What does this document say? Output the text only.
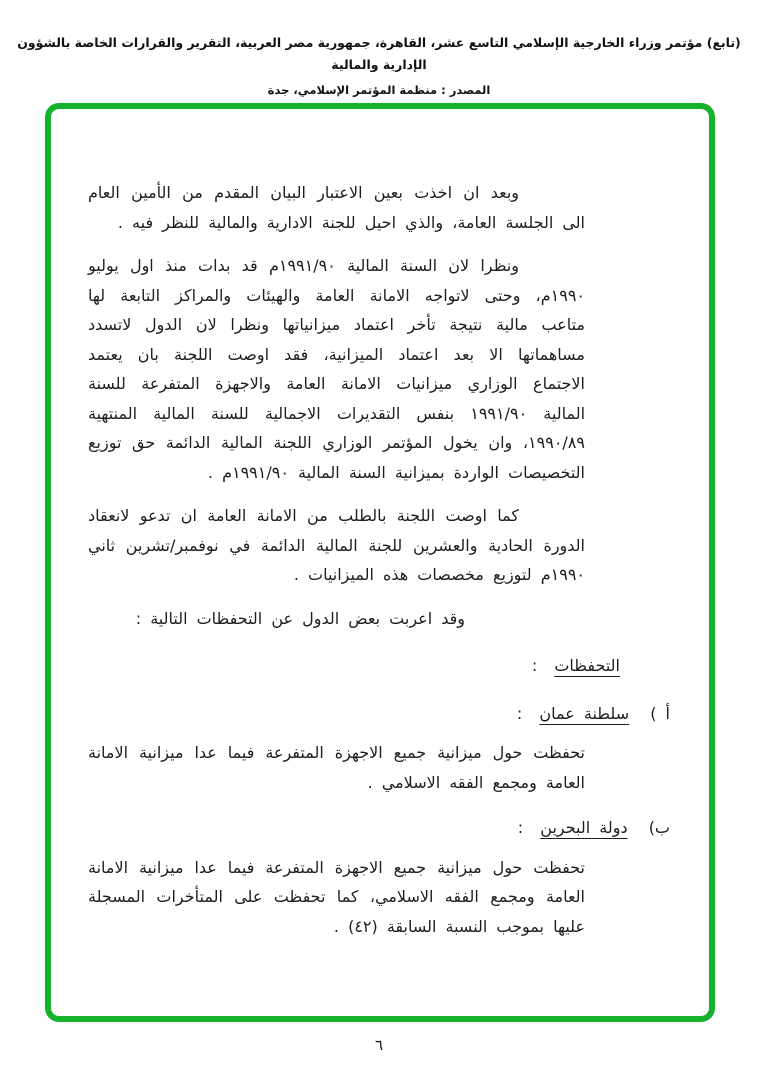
(تابع) مؤتمر وزراء الخارجية الإسلامي التاسع عشر، القاهرة، جمهورية مصر العربية، التقرير والقرارات الخاصة بالشؤون الإدارية والمالية
المصدر : منظمة المؤتمر الإسلامي، جدة

وبعد ان اخذت بعين الاعتبار البيان المقدم من الأمين العام الى الجلسة العامة، والذي احيل للجنة الادارية والمالية للنظر فيه .

ونظرا لان السنة المالية ١٩٩١/٩٠م قد بدات منذ اول يوليو ١٩٩٠م، وحتى لاتواجه الامانة العامة والهيئات والمراكز التابعة لها متاعب مالية نتيجة تأخر اعتماد ميزانياتها ونظرا لان الدول لاتسدد مساهماتها الا بعد اعتماد الميزانية، فقد اوصت اللجنة بان يعتمد الاجتماع الوزاري ميزانيات الامانة العامة والاجهزة المتفرعة للسنة المالية ١٩٩١/٩٠ بنفس التقديرات الاجمالية للسنة المالية المنتهية ١٩٩٠/٨٩، وان يخول المؤتمر الوزاري اللجنة المالية الدائمة حق توزيع التخصيصات الواردة بميزانية السنة المالية ١٩٩١/٩٠م .

كما اوصت اللجنة بالطلب من الامانة العامة ان تدعو لانعقاد الدورة الحادية والعشرين للجنة المالية الدائمة في نوفمبر/تشرين ثاني ١٩٩٠م لتوزيع مخصصات هذه الميزانيات .

وقد اعربت بعض الدول عن التحفظات التالية :

التحفظات :
أ ) سلطنة عمان :

تحفظت حول ميزانية جميع الاجهزة المتفرعة فيما عدا ميزانية الامانة العامة ومجمع الفقه الاسلامي .

ب) دولة البحرين :

تحفظت حول ميزانية جميع الاجهزة المتفرعة فيما عدا ميزانية الامانة العامة ومجمع الفقه الاسلامي، كما تحفظت على المتأخرات المسجلة عليها بموجب النسبة السابقة (٤٢) .

٦
